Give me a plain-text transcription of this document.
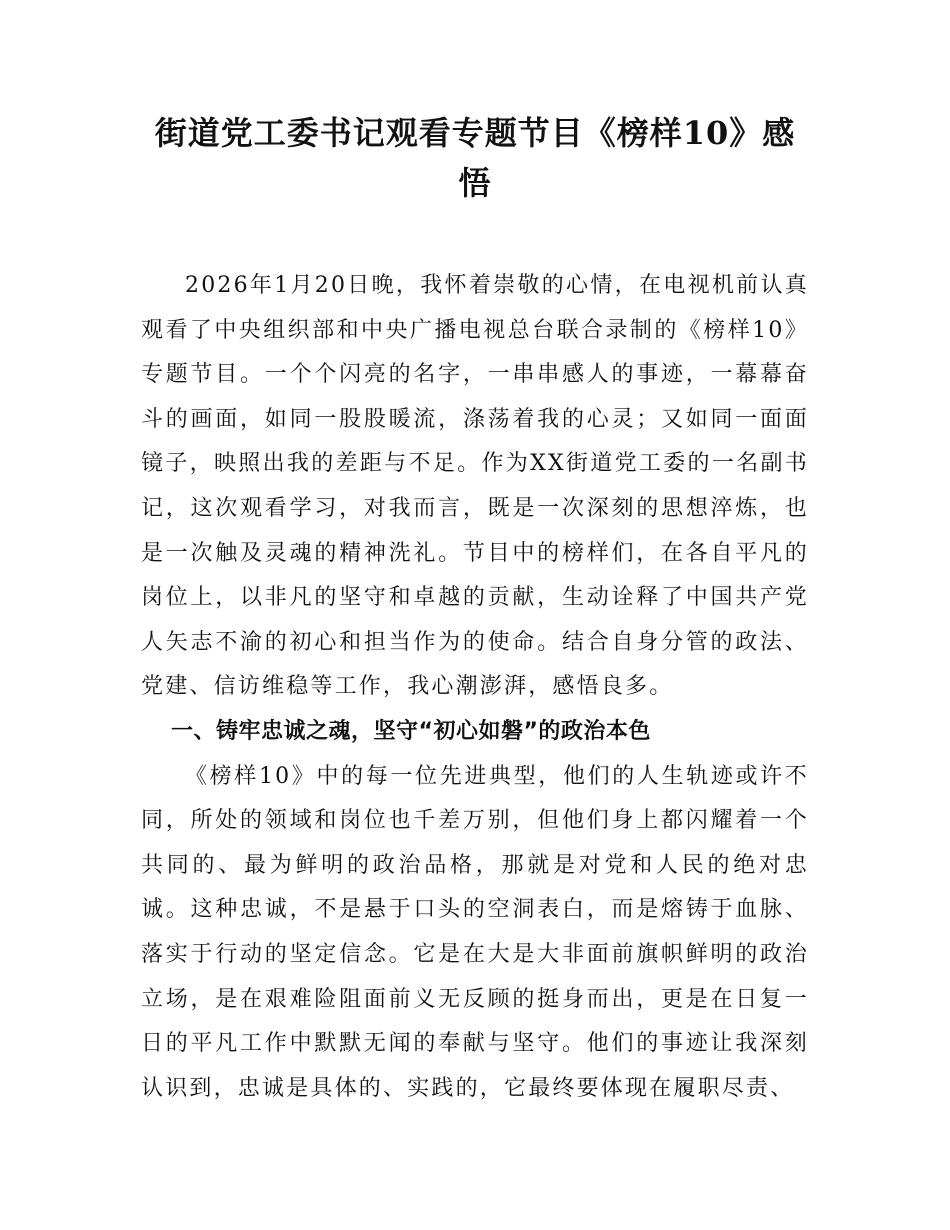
街道党工委书记观看专题节目《榜样10》感悟

2026年1月20日晚，我怀着崇敬的心情，在电视机前认真观看了中央组织部和中央广播电视总台联合录制的《榜样10》专题节目。一个个闪亮的名字，一串串感人的事迹，一幕幕奋斗的画面，如同一股股暖流，涤荡着我的心灵；又如同一面面镜子，映照出我的差距与不足。作为XX街道党工委的一名副书记，这次观看学习，对我而言，既是一次深刻的思想淬炼，也是一次触及灵魂的精神洗礼。节目中的榜样们，在各自平凡的岗位上，以非凡的坚守和卓越的贡献，生动诠释了中国共产党人矢志不渝的初心和担当作为的使命。结合自身分管的政法、党建、信访维稳等工作，我心潮澎湃，感悟良多。

一、铸牢忠诚之魂，坚守“初心如磐”的政治本色

《榜样10》中的每一位先进典型，他们的人生轨迹或许不同，所处的领域和岗位也千差万别，但他们身上都闪耀着一个共同的、最为鲜明的政治品格，那就是对党和人民的绝对忠诚。这种忠诚，不是悬于口头的空洞表白，而是熔铸于血脉、落实于行动的坚定信念。它是在大是大非面前旗帜鲜明的政治立场，是在艰难险阻面前义无反顾的挺身而出，更是在日复一日的平凡工作中默默无闻的奉献与坚守。他们的事迹让我深刻认识到，忠诚是具体的、实践的，它最终要体现在履职尽责、
